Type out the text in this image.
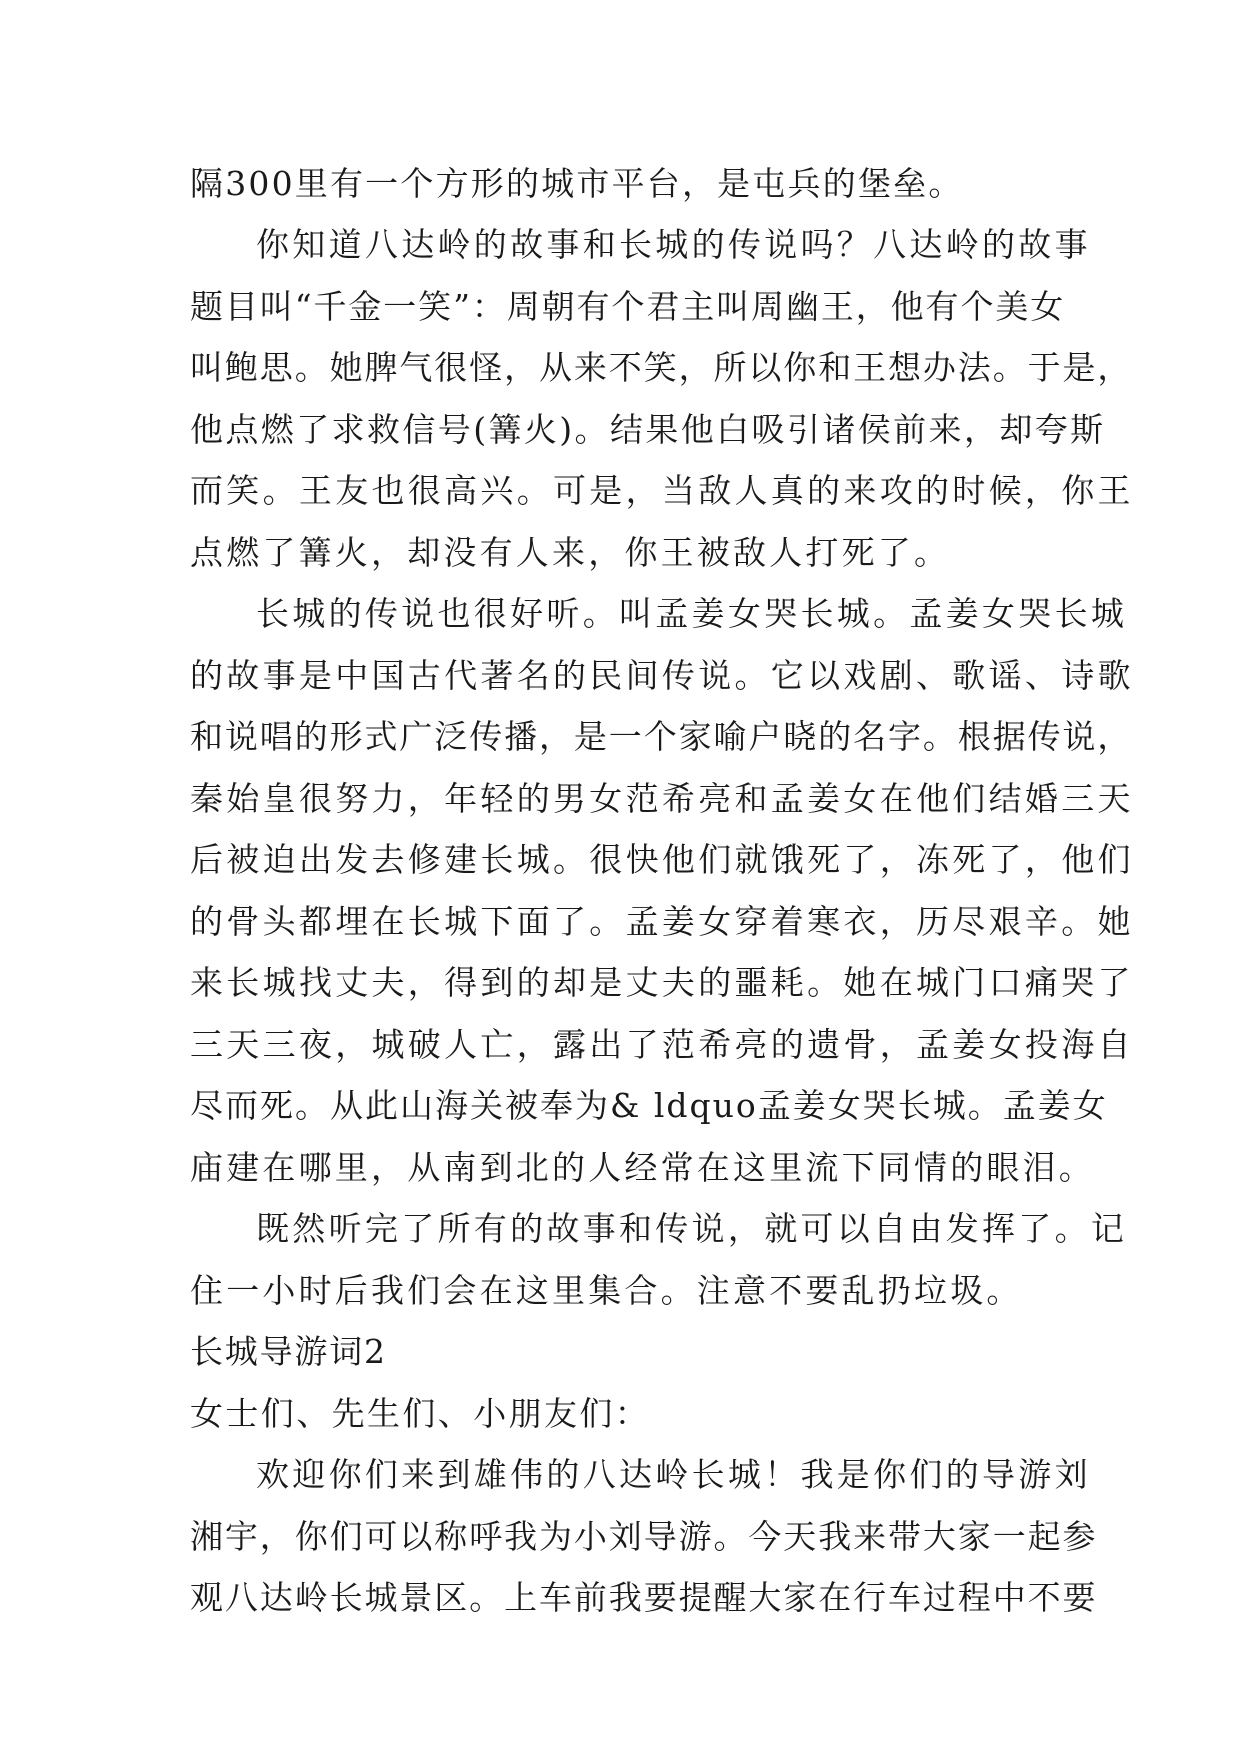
隔300里有一个方形的城市平台，是屯兵的堡垒。
你知道八达岭的故事和长城的传说吗？八达岭的故事
题目叫“千金一笑”：周朝有个君主叫周幽王，他有个美女
叫鲍思。她脾气很怪，从来不笑，所以你和王想办法。于是，
他点燃了求救信号(篝火)。结果他白吸引诸侯前来，却夸斯
而笑。王友也很高兴。可是，当敌人真的来攻的时候，你王
点燃了篝火，却没有人来，你王被敌人打死了。
长城的传说也很好听。叫孟姜女哭长城。孟姜女哭长城
的故事是中国古代著名的民间传说。它以戏剧、歌谣、诗歌
和说唱的形式广泛传播，是一个家喻户晓的名字。根据传说，
秦始皇很努力，年轻的男女范希亮和孟姜女在他们结婚三天
后被迫出发去修建长城。很快他们就饿死了，冻死了，他们
的骨头都埋在长城下面了。孟姜女穿着寒衣，历尽艰辛。她
来长城找丈夫，得到的却是丈夫的噩耗。她在城门口痛哭了
三天三夜，城破人亡，露出了范希亮的遗骨，孟姜女投海自
尽而死。从此山海关被奉为& ldquo孟姜女哭长城。孟姜女
庙建在哪里，从南到北的人经常在这里流下同情的眼泪。
既然听完了所有的故事和传说，就可以自由发挥了。记
住一小时后我们会在这里集合。注意不要乱扔垃圾。
长城导游词2
女士们、先生们、小朋友们：
欢迎你们来到雄伟的八达岭长城！我是你们的导游刘
湘宇，你们可以称呼我为小刘导游。今天我来带大家一起参
观八达岭长城景区。上车前我要提醒大家在行车过程中不要
